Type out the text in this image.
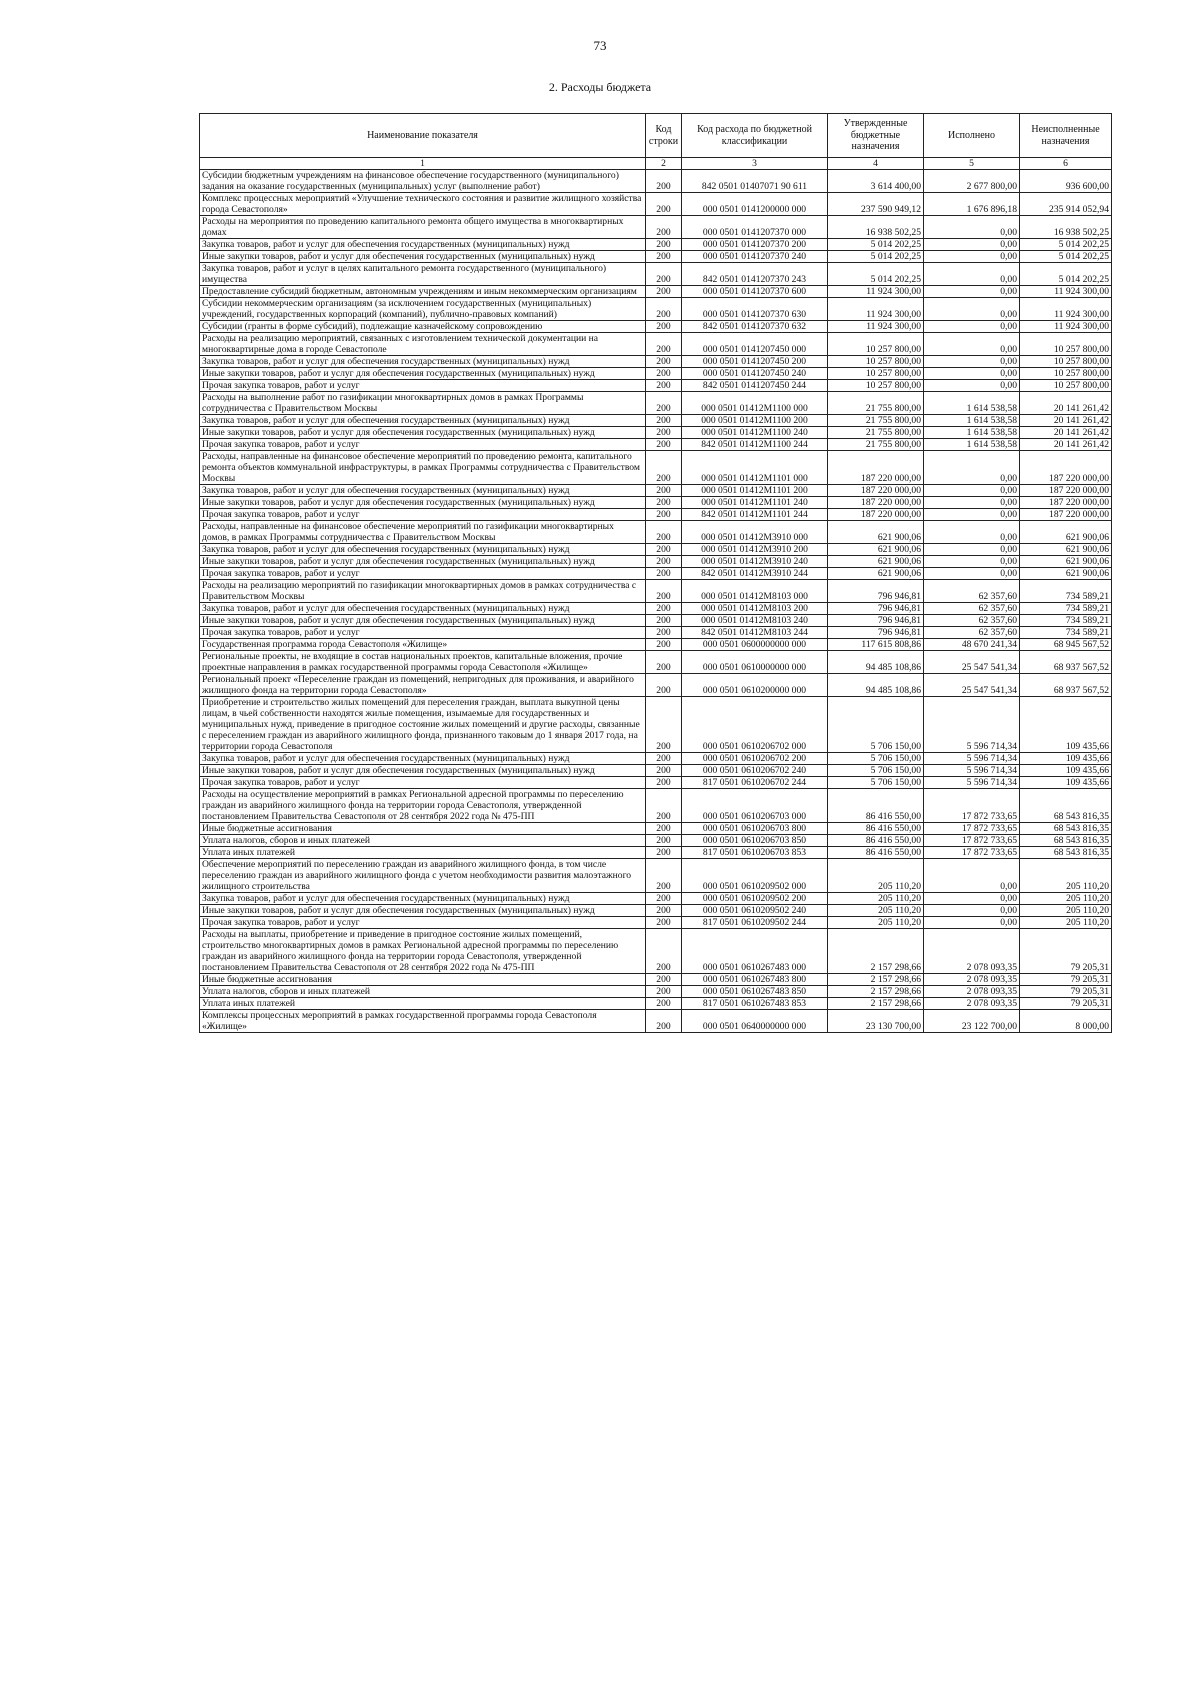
73
2. Расходы бюджета
Наименование показателя	Код строки	Код расхода по бюджетной классификации	Утвержденные бюджетные назначения	Исполнено	Неисполненные назначения
1	2	3	4	5	6
Субсидии бюджетным учреждениям на финансовое обеспечение государственного (муниципального) задания на оказание государственных (муниципальных) услуг (выполнение работ)	200	842 0501 01407071 90 611	3 614 400,00	2 677 800,00	936 600,00
Комплекс процессных мероприятий «Улучшение технического состояния и развитие жилищного хозяйства города Севастополя»	200	000 0501 0141200000 000	237 590 949,12	1 676 896,18	235 914 052,94
Расходы на мероприятия по проведению капитального ремонта общего имущества в многоквартирных домах	200	000 0501 0141207370 000	16 938 502,25	0,00	16 938 502,25
Закупка товаров, работ и услуг для обеспечения государственных (муниципальных) нужд	200	000 0501 0141207370 200	5 014 202,25	0,00	5 014 202,25
Иные закупки товаров, работ и услуг для обеспечения государственных (муниципальных) нужд	200	000 0501 0141207370 240	5 014 202,25	0,00	5 014 202,25
Закупка товаров, работ и услуг в целях капитального ремонта государственного (муниципального) имущества	200	842 0501 0141207370 243	5 014 202,25	0,00	5 014 202,25
Предоставление субсидий бюджетным, автономным учреждениям и иным некоммерческим организациям	200	000 0501 0141207370 600	11 924 300,00	0,00	11 924 300,00
Субсидии некоммерческим организациям (за исключением государственных (муниципальных) учреждений, государственных корпораций (компаний), публично-правовых компаний)	200	000 0501 0141207370 630	11 924 300,00	0,00	11 924 300,00
Субсидии (гранты в форме субсидий), подлежащие казначейскому сопровождению	200	842 0501 0141207370 632	11 924 300,00	0,00	11 924 300,00
Расходы на реализацию мероприятий, связанных с изготовлением технической документации на многоквартирные дома в городе Севастополе	200	000 0501 0141207450 000	10 257 800,00	0,00	10 257 800,00
Закупка товаров, работ и услуг для обеспечения государственных (муниципальных) нужд	200	000 0501 0141207450 200	10 257 800,00	0,00	10 257 800,00
Иные закупки товаров, работ и услуг для обеспечения государственных (муниципальных) нужд	200	000 0501 0141207450 240	10 257 800,00	0,00	10 257 800,00
Прочая закупка товаров, работ и услуг	200	842 0501 0141207450 244	10 257 800,00	0,00	10 257 800,00
Расходы на выполнение работ по газификации многоквартирных домов в рамках Программы сотрудничества с Правительством Москвы	200	000 0501 01412M1100 000	21 755 800,00	1 614 538,58	20 141 261,42
Закупка товаров, работ и услуг для обеспечения государственных (муниципальных) нужд	200	000 0501 01412M1100 200	21 755 800,00	1 614 538,58	20 141 261,42
Иные закупки товаров, работ и услуг для обеспечения государственных (муниципальных) нужд	200	000 0501 01412M1100 240	21 755 800,00	1 614 538,58	20 141 261,42
Прочая закупка товаров, работ и услуг	200	842 0501 01412M1100 244	21 755 800,00	1 614 538,58	20 141 261,42
Расходы, направленные на финансовое обеспечение мероприятий по проведению ремонта, капитального ремонта объектов коммунальной инфраструктуры, в рамках Программы сотрудничества с Правительством Москвы	200	000 0501 01412M1101 000	187 220 000,00	0,00	187 220 000,00
Закупка товаров, работ и услуг для обеспечения государственных (муниципальных) нужд	200	000 0501 01412M1101 200	187 220 000,00	0,00	187 220 000,00
Иные закупки товаров, работ и услуг для обеспечения государственных (муниципальных) нужд	200	000 0501 01412M1101 240	187 220 000,00	0,00	187 220 000,00
Прочая закупка товаров, работ и услуг	200	842 0501 01412M1101 244	187 220 000,00	0,00	187 220 000,00
Расходы, направленные на финансовое обеспечение мероприятий по газификации многоквартирных домов, в рамках Программы сотрудничества с Правительством Москвы	200	000 0501 01412M3910 000	621 900,06	0,00	621 900,06
Закупка товаров, работ и услуг для обеспечения государственных (муниципальных) нужд	200	000 0501 01412M3910 200	621 900,06	0,00	621 900,06
Иные закупки товаров, работ и услуг для обеспечения государственных (муниципальных) нужд	200	000 0501 01412M3910 240	621 900,06	0,00	621 900,06
Прочая закупка товаров, работ и услуг	200	842 0501 01412M3910 244	621 900,06	0,00	621 900,06
Расходы на реализацию мероприятий по газификации многоквартирных домов в рамках сотрудничества с Правительством Москвы	200	000 0501 01412M8103 000	796 946,81	62 357,60	734 589,21
Закупка товаров, работ и услуг для обеспечения государственных (муниципальных) нужд	200	000 0501 01412M8103 200	796 946,81	62 357,60	734 589,21
Иные закупки товаров, работ и услуг для обеспечения государственных (муниципальных) нужд	200	000 0501 01412M8103 240	796 946,81	62 357,60	734 589,21
Прочая закупка товаров, работ и услуг	200	842 0501 01412M8103 244	796 946,81	62 357,60	734 589,21
Государственная программа города Севастополя «Жилище»	200	000 0501 0600000000 000	117 615 808,86	48 670 241,34	68 945 567,52
Региональные проекты, не входящие в состав национальных проектов, капитальные вложения, прочие проектные направления в рамках государственной программы города Севастополя «Жилище»	200	000 0501 0610000000 000	94 485 108,86	25 547 541,34	68 937 567,52
Региональный проект «Переселение граждан из помещений, непригодных для проживания, и аварийного жилищного фонда на территории города Севастополя»	200	000 0501 0610200000 000	94 485 108,86	25 547 541,34	68 937 567,52
Приобретение и строительство жилых помещений для переселения граждан, выплата выкупной цены лицам, в чьей собственности находятся жилые помещения, изымаемые для государственных и муниципальных нужд, приведение в пригодное состояние жилых помещений и другие расходы, связанные с переселением граждан из аварийного жилищного фонда, признанного таковым до 1 января 2017 года, на территории города Севастополя	200	000 0501 0610206702 000	5 706 150,00	5 596 714,34	109 435,66
Закупка товаров, работ и услуг для обеспечения государственных (муниципальных) нужд	200	000 0501 0610206702 200	5 706 150,00	5 596 714,34	109 435,66
Иные закупки товаров, работ и услуг для обеспечения государственных (муниципальных) нужд	200	000 0501 0610206702 240	5 706 150,00	5 596 714,34	109 435,66
Прочая закупка товаров, работ и услуг	200	817 0501 0610206702 244	5 706 150,00	5 596 714,34	109 435,66
Расходы на осуществление мероприятий в рамках Региональной адресной программы по переселению граждан из аварийного жилищного фонда на территории города Севастополя, утвержденной постановлением Правительства Севастополя от 28 сентября 2022 года № 475-ПП	200	000 0501 0610206703 000	86 416 550,00	17 872 733,65	68 543 816,35
Иные бюджетные ассигнования	200	000 0501 0610206703 800	86 416 550,00	17 872 733,65	68 543 816,35
Уплата налогов, сборов и иных платежей	200	000 0501 0610206703 850	86 416 550,00	17 872 733,65	68 543 816,35
Уплата иных платежей	200	817 0501 0610206703 853	86 416 550,00	17 872 733,65	68 543 816,35
Обеспечение мероприятий по переселению граждан из аварийного жилищного фонда, в том числе переселению граждан из аварийного жилищного фонда с учетом необходимости развития малоэтажного жилищного строительства	200	000 0501 0610209502 000	205 110,20	0,00	205 110,20
Закупка товаров, работ и услуг для обеспечения государственных (муниципальных) нужд	200	000 0501 0610209502 200	205 110,20	0,00	205 110,20
Иные закупки товаров, работ и услуг для обеспечения государственных (муниципальных) нужд	200	000 0501 0610209502 240	205 110,20	0,00	205 110,20
Прочая закупка товаров, работ и услуг	200	817 0501 0610209502 244	205 110,20	0,00	205 110,20
Расходы на выплаты, приобретение и приведение в пригодное состояние жилых помещений, строительство многоквартирных домов в рамках Региональной адресной программы по переселению граждан из аварийного жилищного фонда на территории города Севастополя, утвержденной постановлением Правительства Севастополя от 28 сентября 2022 года № 475-ПП	200	000 0501 0610267483 000	2 157 298,66	2 078 093,35	79 205,31
Иные бюджетные ассигнования	200	000 0501 0610267483 800	2 157 298,66	2 078 093,35	79 205,31
Уплата налогов, сборов и иных платежей	200	000 0501 0610267483 850	2 157 298,66	2 078 093,35	79 205,31
Уплата иных платежей	200	817 0501 0610267483 853	2 157 298,66	2 078 093,35	79 205,31
Комплексы процессных мероприятий в рамках государственной программы города Севастополя «Жилище»	200	000 0501 0640000000 000	23 130 700,00	23 122 700,00	8 000,00
